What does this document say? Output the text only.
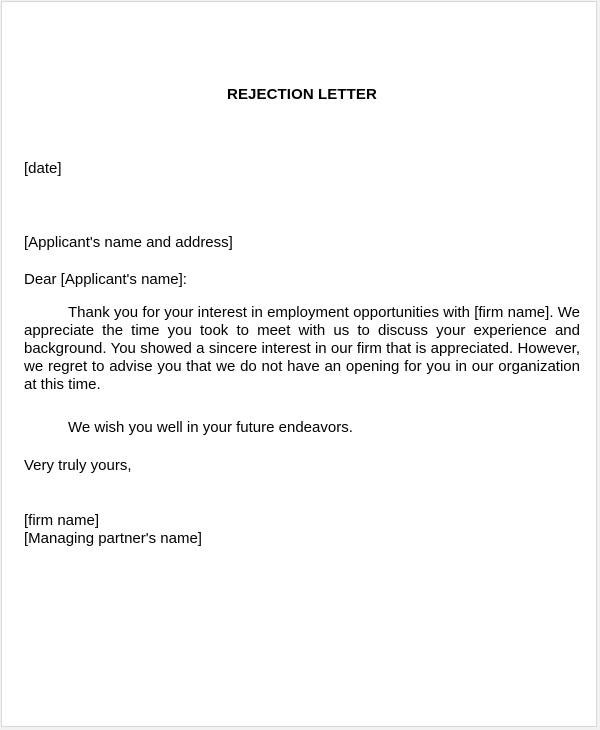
REJECTION LETTER
[date]
[Applicant's name and address]
Dear [Applicant's name]:
Thank you for your interest in employment opportunities with [firm name]. We appreciate the time you took to meet with us to discuss your experience and background. You showed a sincere interest in our firm that is appreciated. However, we regret to advise you that we do not have an opening for you in our organization at this time.
We wish you well in your future endeavors.
Very truly yours,
[firm name]
[Managing partner's name]
